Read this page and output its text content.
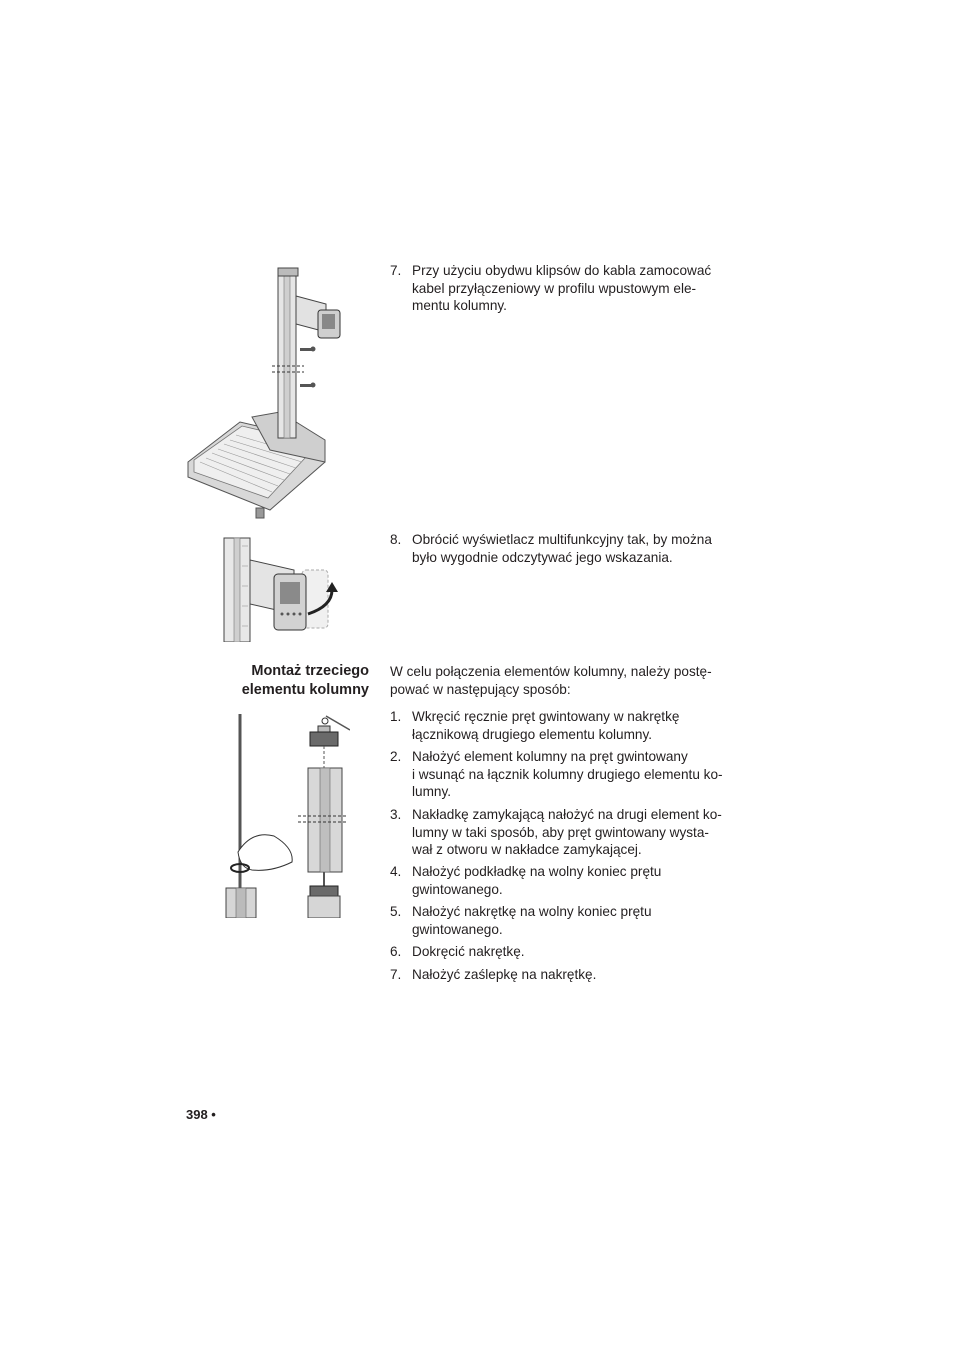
7. Przy użyciu obydwu klipsów do kabla zamocować
kabel przyłączeniowy w profilu wpustowym ele-
mentu kolumny.
8. Obrócić wyświetlacz multifunkcyjny tak, by można
było wygodnie odczytywać jego wskazania.
Montaż trzeciego
elementu kolumny
W celu połączenia elementów kolumny, należy postę-
pować w następujący sposób:
1. Wkręcić ręcznie pręt gwintowany w nakrętkę
łącznikową drugiego elementu kolumny.
2. Nałożyć element kolumny na pręt gwintowany
i wsunąć na łącznik kolumny drugiego elementu ko-
lumny.
3. Nakładkę zamykającą nałożyć na drugi element ko-
lumny w taki sposób, aby pręt gwintowany wysta-
wał z otworu w nakładce zamykającej.
4. Nałożyć podkładkę na wolny koniec prętu
gwintowanego.
5. Nałożyć nakrętkę na wolny koniec prętu
gwintowanego.
6. Dokręcić nakrętkę.
7. Nałożyć zaślepkę na nakrętkę.
398 •
